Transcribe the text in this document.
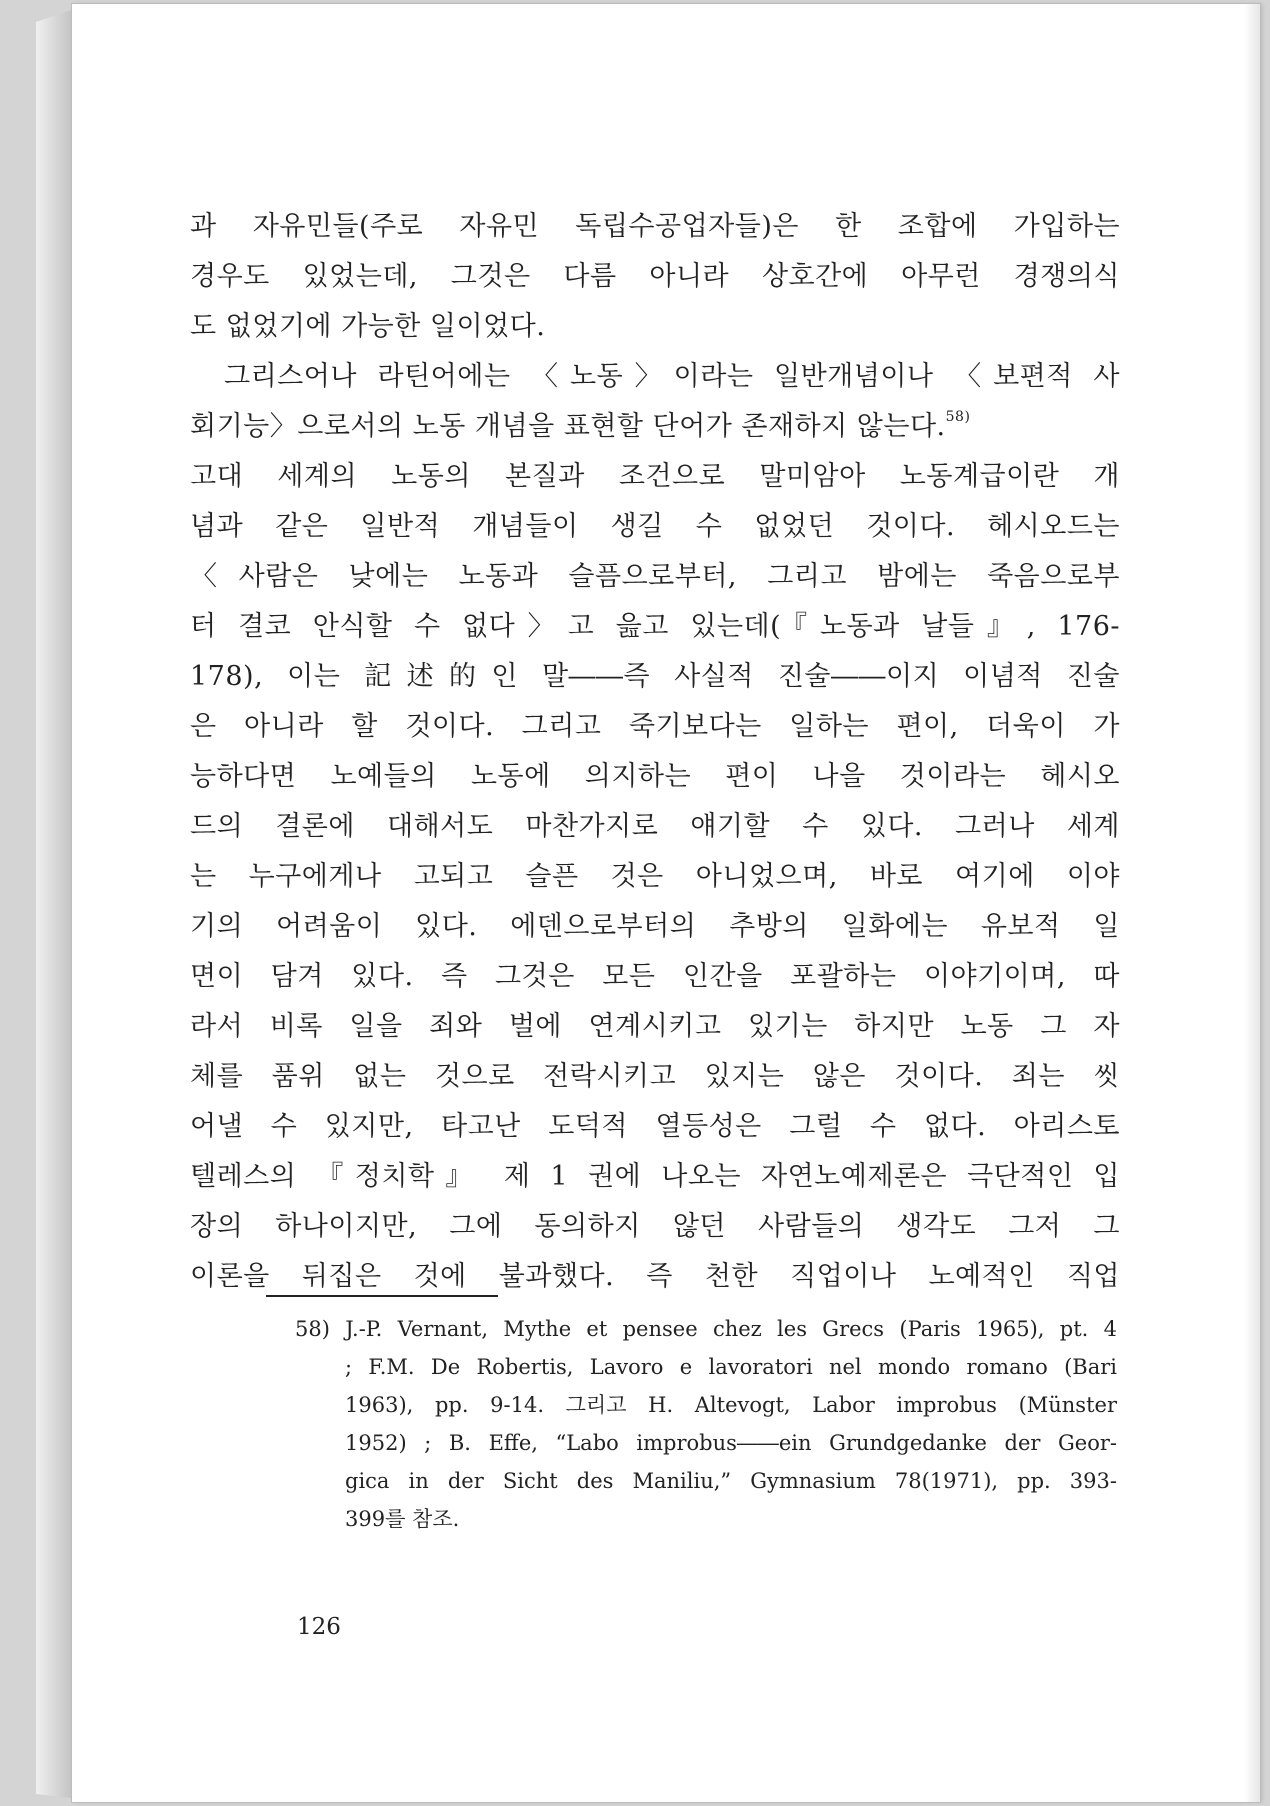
과 자유민들(주로 자유민 독립수공업자들)은 한 조합에 가입하는
경우도 있었는데, 그것은 다름 아니라 상호간에 아무런 경쟁의식
도 없었기에 가능한 일이었다.
그리스어나 라틴어에는 〈노동〉이라는 일반개념이나 〈보편적 사
회기능〉으로서의 노동 개념을 표현할 단어가 존재하지 않는다.$^{58)}$
고대 세계의 노동의 본질과 조건으로 말미암아 노동계급이란 개
념과 같은 일반적 개념들이 생길 수 없었던 것이다. 헤시오드는
〈사람은 낮에는 노동과 슬픔으로부터, 그리고 밤에는 죽음으로부
터 결코 안식할 수 없다〉고 읊고 있는데(『노동과 날들』, 176-
178), 이는 記述的인 말――즉 사실적 진술――이지 이념적 진술
은 아니라 할 것이다. 그리고 죽기보다는 일하는 편이, 더욱이 가
능하다면 노예들의 노동에 의지하는 편이 나을 것이라는 헤시오
드의 결론에 대해서도 마찬가지로 얘기할 수 있다. 그러나 세계
는 누구에게나 고되고 슬픈 것은 아니었으며, 바로 여기에 이야
기의 어려움이 있다. 에덴으로부터의 추방의 일화에는 유보적 일
면이 담겨 있다. 즉 그것은 모든 인간을 포괄하는 이야기이며, 따
라서 비록 일을 죄와 벌에 연계시키고 있기는 하지만 노동 그 자
체를 품위 없는 것으로 전락시키고 있지는 않은 것이다. 죄는 씻
어낼 수 있지만, 타고난 도덕적 열등성은 그럴 수 없다. 아리스토
텔레스의 『정치학』 제 1 권에 나오는 자연노예제론은 극단적인 입
장의 하나이지만, 그에 동의하지 않던 사람들의 생각도 그저 그
이론을 뒤집은 것에 불과했다. 즉 천한 직업이나 노예적인 직업
58) J.-P. Vernant, Mythe et pensee chez les Grecs (Paris 1965), pt. 4
; F.M. De Robertis, Lavoro e lavoratori nel mondo romano (Bari
1963), pp. 9-14. 그리고 H. Altevogt, Labor improbus (Münster
1952) ; B. Effe, “Labo improbus――ein Grundgedanke der Geor-
gica in der Sicht des Maniliu,” Gymnasium 78(1971), pp. 393-
399를 참조.
126
